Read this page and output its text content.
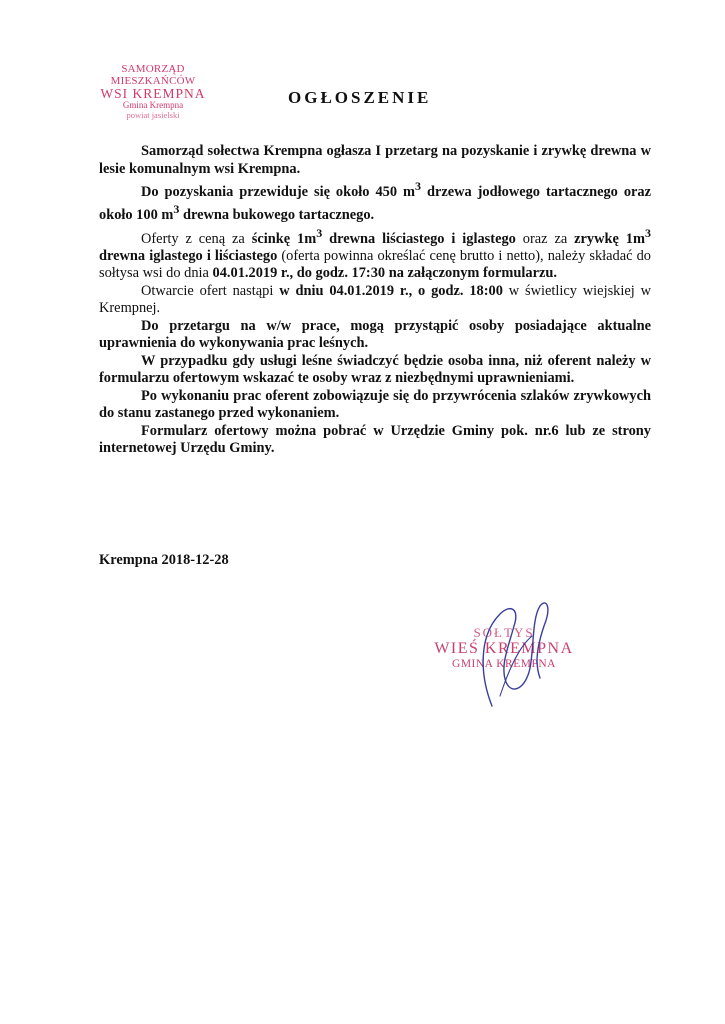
SAMORZĄD MIESZKAŃCÓW
WSI KREMPNA
Gmina Krempna
powiat jasielski
OGŁOSZENIE

Samorząd sołectwa Krempna ogłasza I przetarg na pozyskanie i zrywkę drewna w lesie komunalnym wsi Krempna.

Do pozyskania przewiduje się około 450 $m^3$ drzewa jodłowego tartacznego oraz około 100 $m^3$ drewna bukowego tartacznego.

Oferty z ceną za ścinkę $1m^3$ drewna liściastego i iglastego oraz za zrywkę $1m^3$ drewna iglastego i liściastego (oferta powinna określać cenę brutto i netto), należy składać do sołtysa wsi do dnia 04.01.2019 r., do godz. 17:30 na załączonym formularzu.

Otwarcie ofert nastąpi w dniu 04.01.2019 r., o godz. 18:00 w świetlicy wiejskiej w Krempnej.

Do przetargu na w/w prace, mogą przystąpić osoby posiadające aktualne uprawnienia do wykonywania prac leśnych.

W przypadku gdy usługi leśne świadczyć będzie osoba inna, niż oferent należy w formularzu ofertowym wskazać te osoby wraz z niezbędnymi uprawnieniami.

Po wykonaniu prac oferent zobowiązuje się do przywrócenia szlaków zrywkowych do stanu zastanego przed wykonaniem.

Formularz ofertowy można pobrać w Urzędzie Gminy pok. nr.6 lub ze strony internetowej Urzędu Gminy.

Krempna 2018-12-28
SOŁTYS
WIEŚ KREMPNA
GMINA KREMPNA
